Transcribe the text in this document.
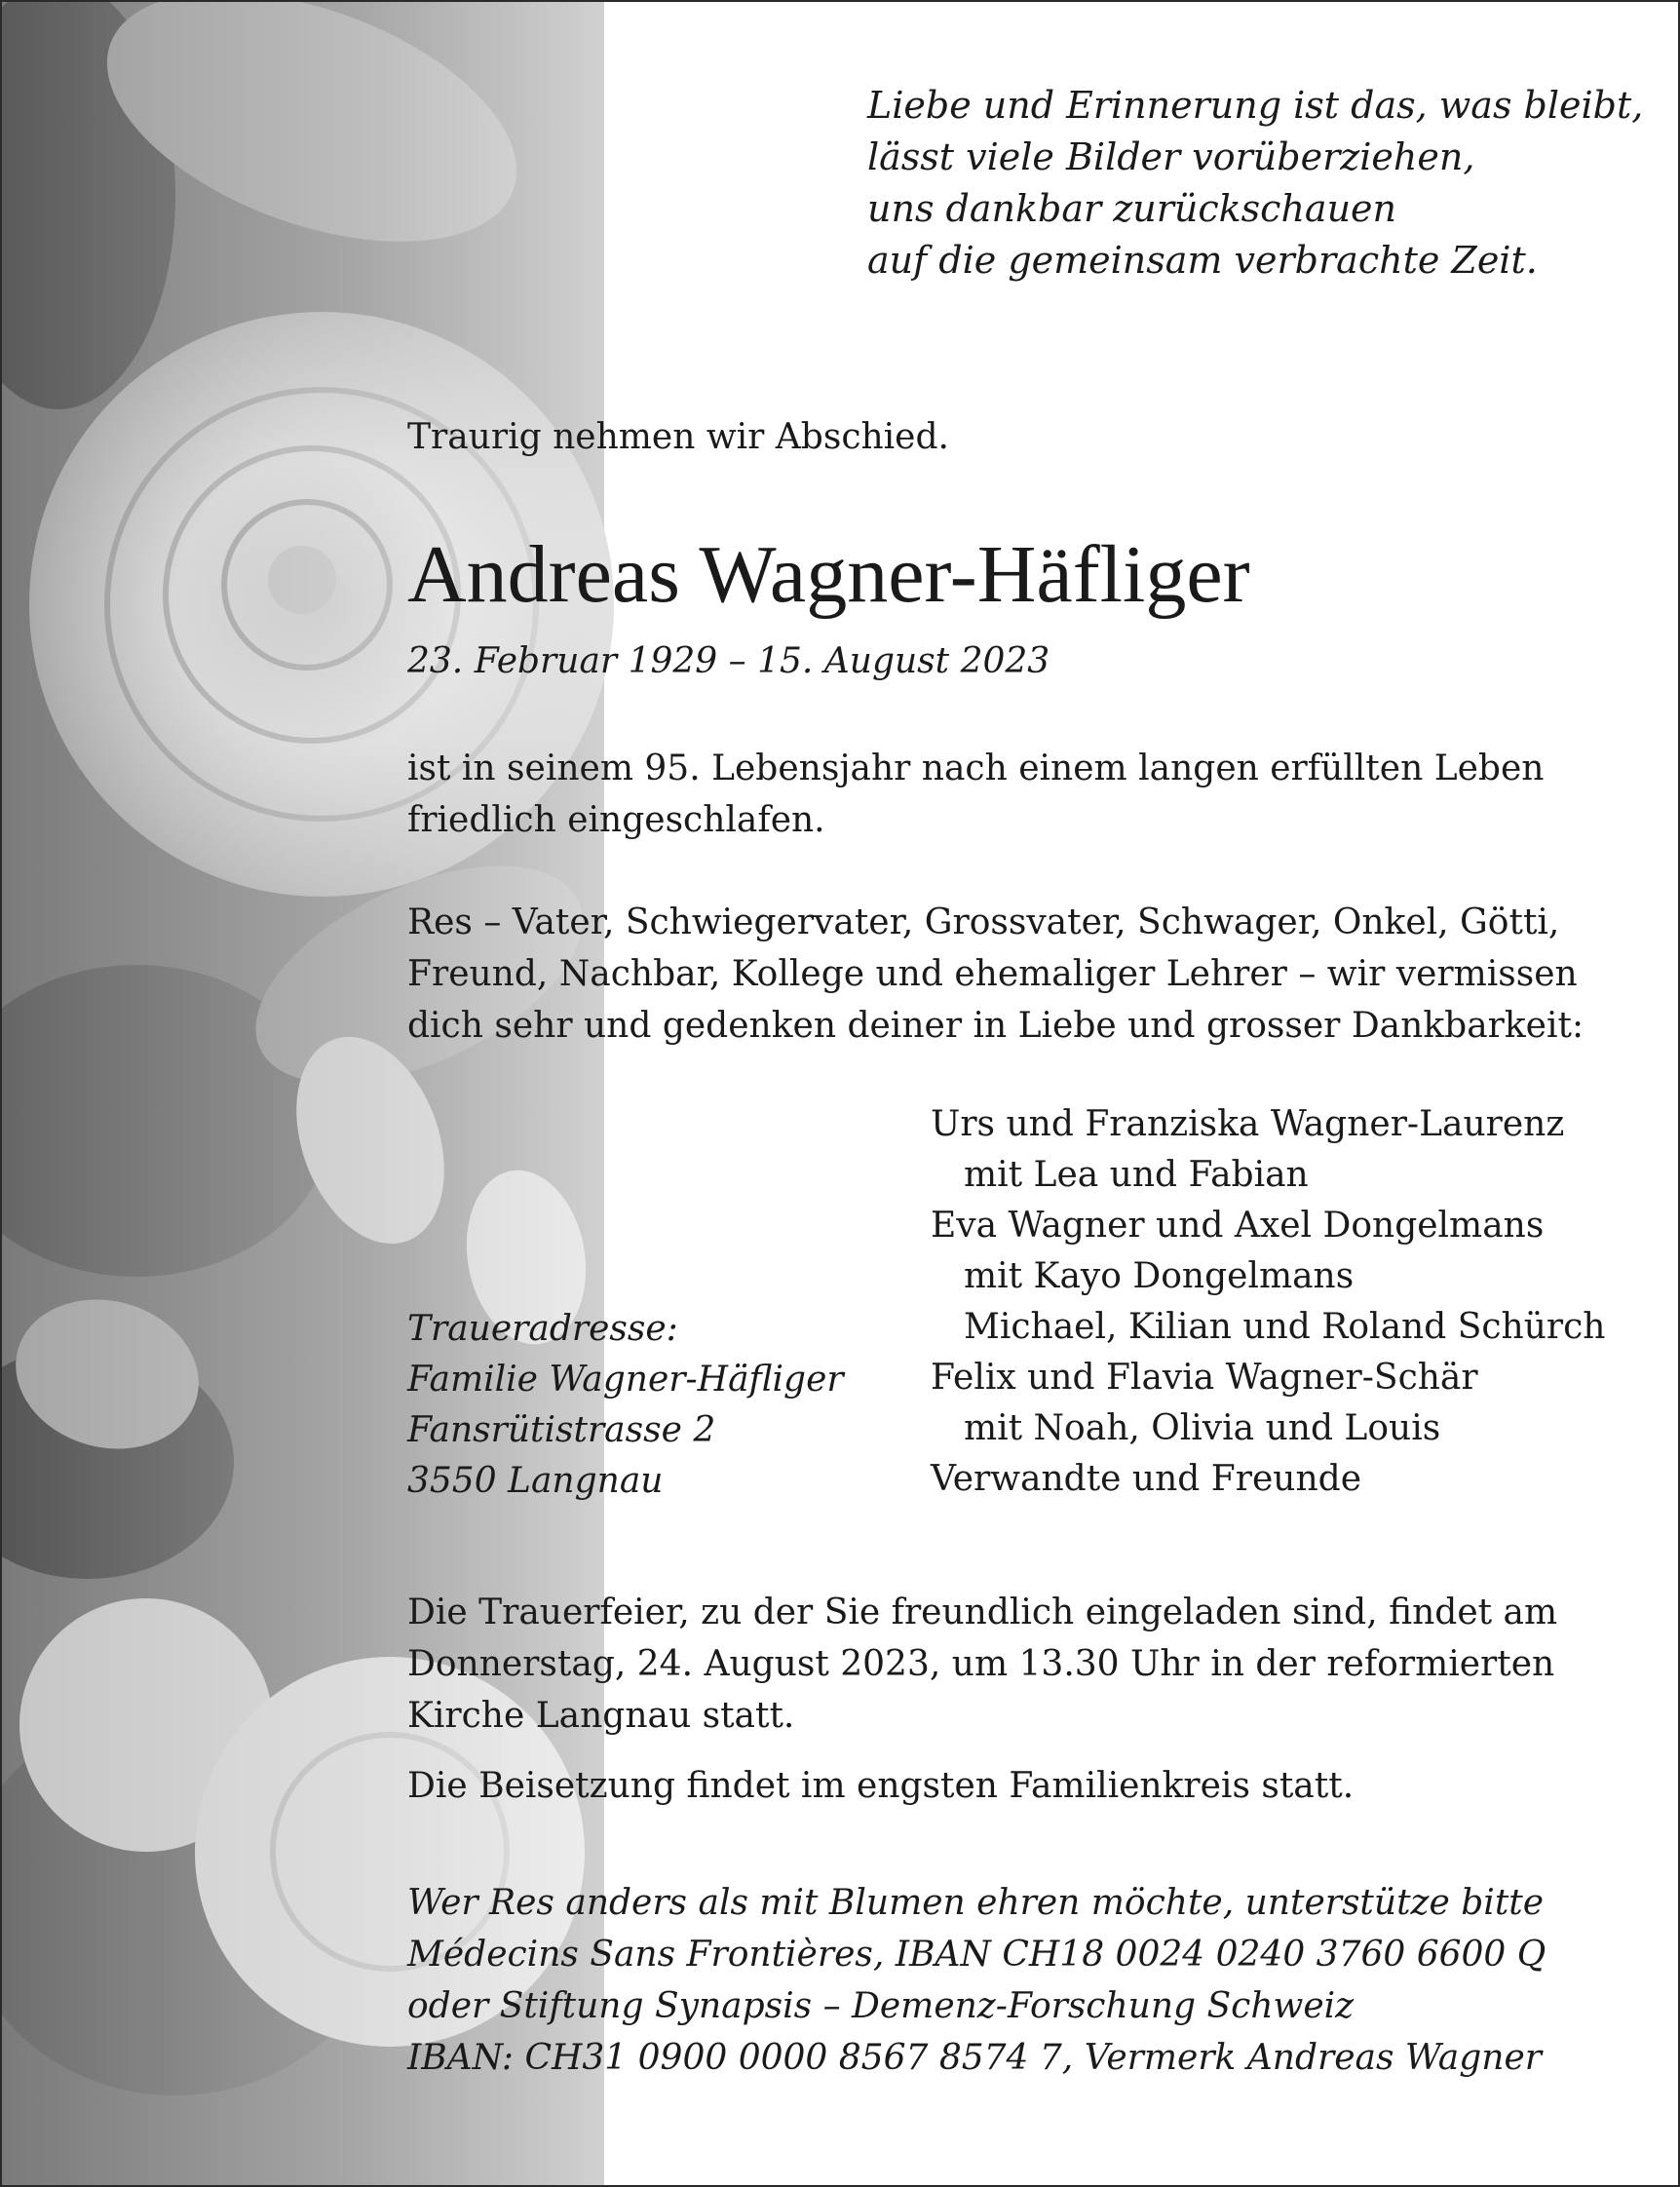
Liebe und Erinnerung ist das, was bleibt,
lässt viele Bilder vorüberziehen,
uns dankbar zurückschauen
auf die gemeinsam verbrachte Zeit.
Traurig nehmen wir Abschied.
Andreas Wagner-Häfliger
23. Februar 1929 – 15. August 2023
ist in seinem 95. Lebensjahr nach einem langen erfüllten Leben
friedlich eingeschlafen.
Res – Vater, Schwiegervater, Grossvater, Schwager, Onkel, Götti,
Freund, Nachbar, Kollege und ehemaliger Lehrer – wir vermissen
dich sehr und gedenken deiner in Liebe und grosser Dankbarkeit:
Urs und Franziska Wagner-Laurenz
mit Lea und Fabian
Eva Wagner und Axel Dongelmans
mit Kayo Dongelmans
Michael, Kilian und Roland Schürch
Felix und Flavia Wagner-Schär
mit Noah, Olivia und Louis
Verwandte und Freunde
Traueradresse:
Familie Wagner-Häfliger
Fansrütistrasse 2
3550 Langnau
Die Trauerfeier, zu der Sie freundlich eingeladen sind, findet am
Donnerstag, 24. August 2023, um 13.30 Uhr in der reformierten
Kirche Langnau statt.
Die Beisetzung findet im engsten Familienkreis statt.
Wer Res anders als mit Blumen ehren möchte, unterstütze bitte
Médecins Sans Frontières, IBAN CH18 0024 0240 3760 6600 Q
oder Stiftung Synapsis – Demenz-Forschung Schweiz
IBAN: CH31 0900 0000 8567 8574 7, Vermerk Andreas Wagner
